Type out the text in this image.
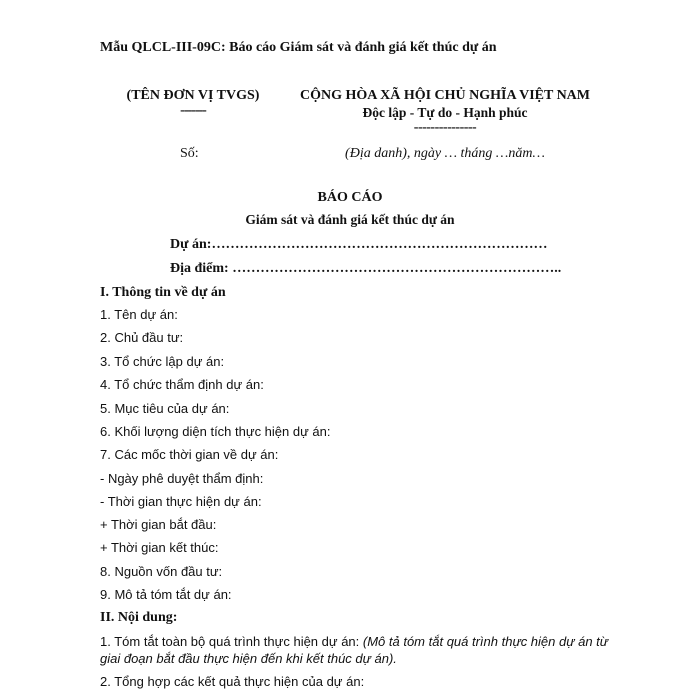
Mẫu QLCL-III-09C: Báo cáo Giám sát và đánh giá kết thúc dự án
(TÊN ĐƠN VỊ TVGS)
-------
CỘNG HÒA XÃ HỘI CHỦ NGHĨA VIỆT NAM
Độc lập - Tự do - Hạnh phúc
---------------
Số:	(Địa danh), ngày … tháng …năm…
BÁO CÁO
Giám sát và đánh giá kết thúc dự án
Dự án:………………………………………………………………
Địa điểm: ……………………………………………………………..
I. Thông tin về dự án
1. Tên dự án:
2. Chủ đầu tư:
3. Tổ chức lập dự án:
4. Tổ chức thẩm định dự án:
5. Mục tiêu của dự án:
6. Khối lượng diện tích thực hiện dự án:
7. Các mốc thời gian về dự án:
- Ngày phê duyệt thẩm định:
- Thời gian thực hiện dự án:
+ Thời gian bắt đầu:
+ Thời gian kết thúc:
8. Nguồn vốn đầu tư:
9. Mô tả tóm tắt dự án:
II. Nội dung:
1. Tóm tắt toàn bộ quá trình thực hiện dự án: (Mô tả tóm tắt quá trình thực hiện dự án từ giai đoạn bắt đầu thực hiện đến khi kết thúc dự án).
2. Tổng hợp các kết quả thực hiện của dự án:
